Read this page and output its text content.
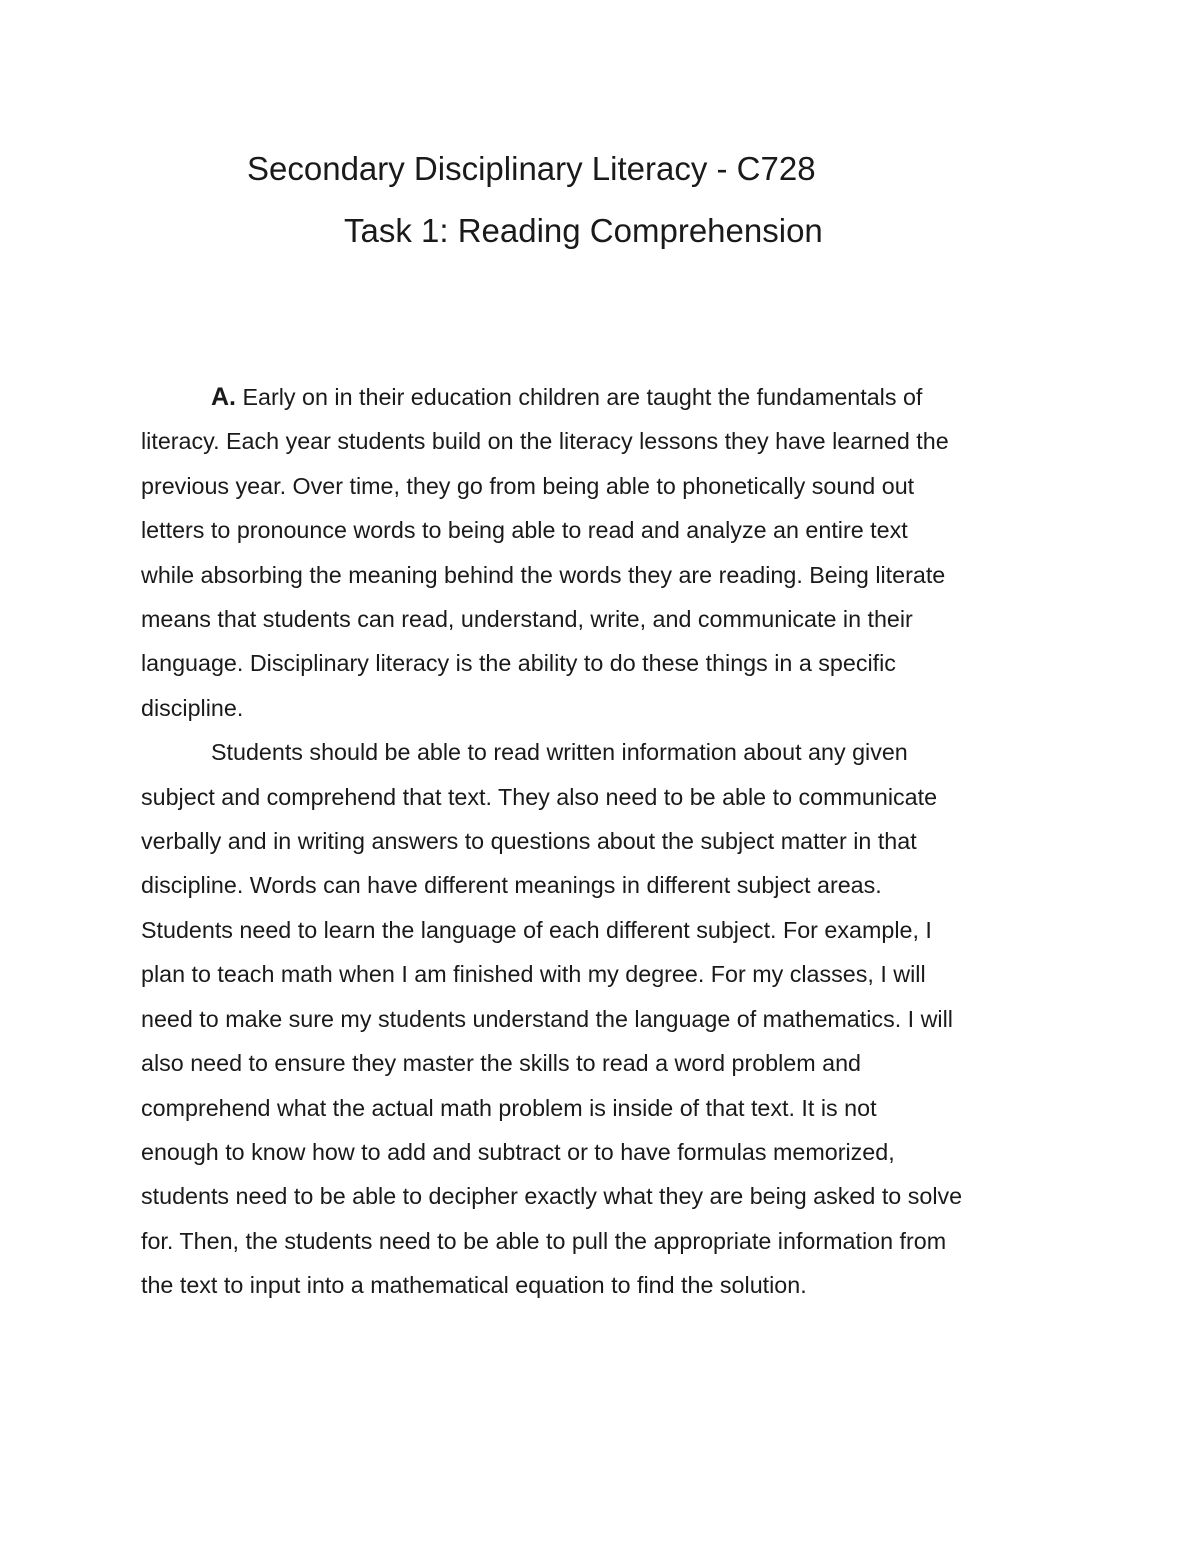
Secondary Disciplinary Literacy - C728
Task 1: Reading Comprehension

A. Early on in their education children are taught the fundamentals of
literacy. Each year students build on the literacy lessons they have learned the
previous year. Over time, they go from being able to phonetically sound out
letters to pronounce words to being able to read and analyze an entire text
while absorbing the meaning behind the words they are reading. Being literate
means that students can read, understand, write, and communicate in their
language. Disciplinary literacy is the ability to do these things in a specific
discipline.

Students should be able to read written information about any given
subject and comprehend that text. They also need to be able to communicate
verbally and in writing answers to questions about the subject matter in that
discipline. Words can have different meanings in different subject areas.
Students need to learn the language of each different subject. For example, I
plan to teach math when I am finished with my degree. For my classes, I will
need to make sure my students understand the language of mathematics. I will
also need to ensure they master the skills to read a word problem and
comprehend what the actual math problem is inside of that text. It is not
enough to know how to add and subtract or to have formulas memorized,
students need to be able to decipher exactly what they are being asked to solve
for. Then, the students need to be able to pull the appropriate information from
the text to input into a mathematical equation to find the solution.
